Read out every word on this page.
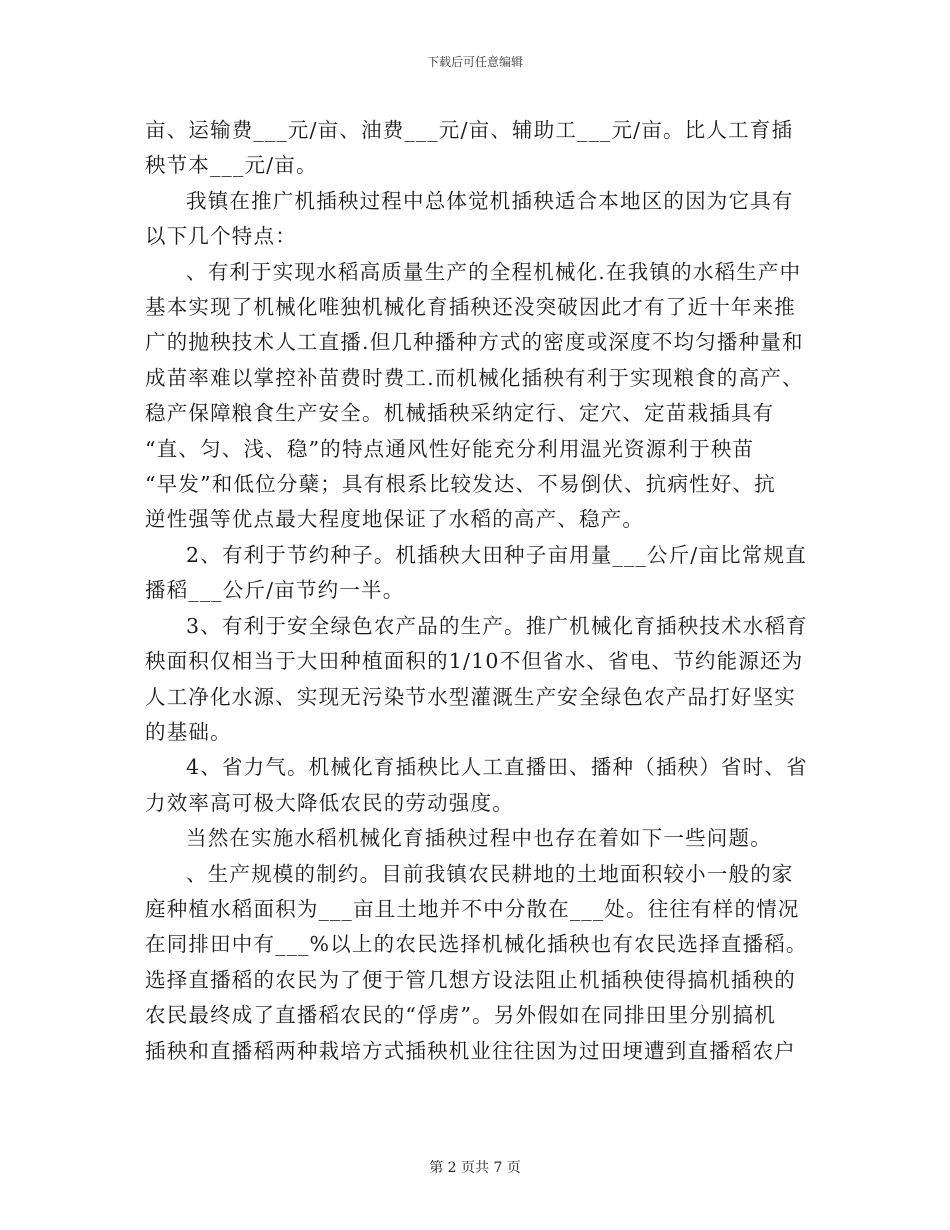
下载后可任意编辑

亩、运输费___元/亩、油费___元/亩、辅助工___元/亩。比人工育插
秧节本___元/亩。

我镇在推广机插秧过程中总体觉机插秧适合本地区的因为它具有
以下几个特点：

、有利于实现水稻高质量生产的全程机械化.在我镇的水稻生产中
基本实现了机械化唯独机械化育插秧还没突破因此才有了近十年来推
广的抛秧技术人工直播.但几种播种方式的密度或深度不均匀播种量和
成苗率难以掌控补苗费时费工.而机械化插秧有利于实现粮食的高产、
稳产保障粮食生产安全。机械插秧采纳定行、定穴、定苗栽插具有
“直、匀、浅、稳”的特点通风性好能充分利用温光资源利于秧苗
“早发”和低位分蘖；具有根系比较发达、不易倒伏、抗病性好、抗
逆性强等优点最大程度地保证了水稻的高产、稳产。

2、有利于节约种子。机插秧大田种子亩用量___公斤/亩比常规直
播稻___公斤/亩节约一半。

3、有利于安全绿色农产品的生产。推广机械化育插秧技术水稻育
秧面积仅相当于大田种植面积的1/10不但省水、省电、节约能源还为
人工净化水源、实现无污染节水型灌溉生产安全绿色农产品打好坚实
的基础。

4、省力气。机械化育插秧比人工直播田、播种（插秧）省时、省
力效率高可极大降低农民的劳动强度。

当然在实施水稻机械化育插秧过程中也存在着如下一些问题。

、生产规模的制约。目前我镇农民耕地的土地面积较小一般的家
庭种植水稻面积为___亩且土地并不中分散在___处。往往有样的情况
在同排田中有___%以上的农民选择机械化插秧也有农民选择直播稻。
选择直播稻的农民为了便于管几想方设法阻止机插秧使得搞机插秧的
农民最终成了直播稻农民的“俘虏”。另外假如在同排田里分别搞机
插秧和直播稻两种栽培方式插秧机业往往因为过田埂遭到直播稻农户

第 2 页共 7 页
